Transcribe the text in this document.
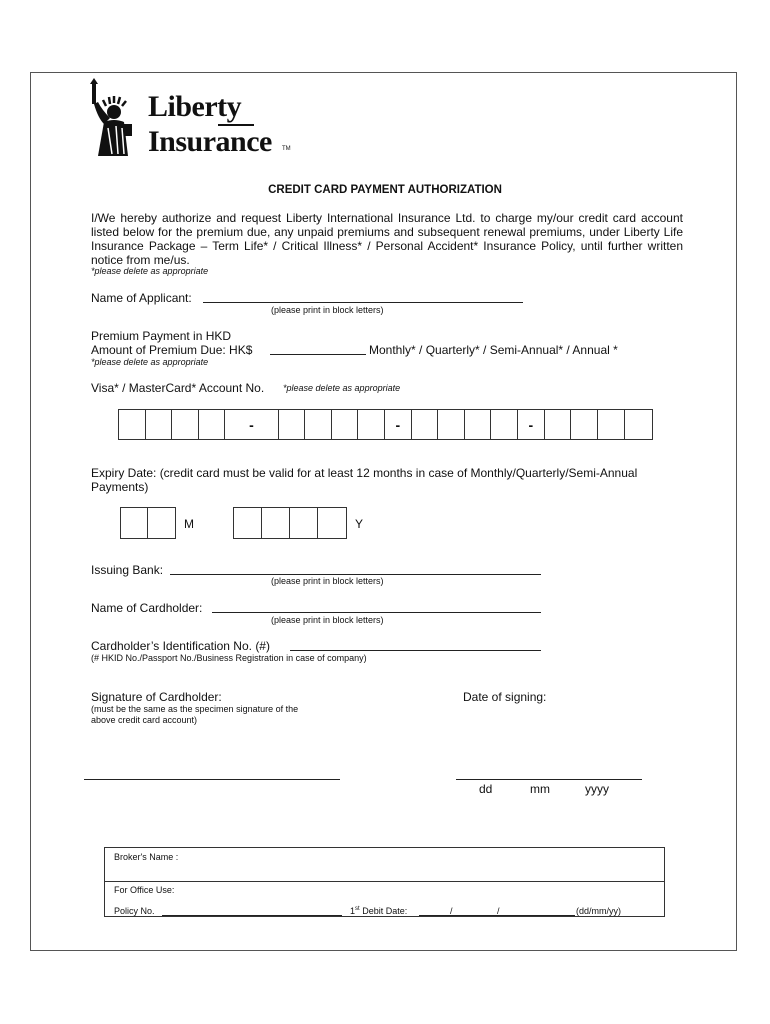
Liberty
Insurance TM
CREDIT CARD PAYMENT AUTHORIZATION
I/We hereby authorize and request Liberty International Insurance Ltd. to charge my/our credit card account listed below for the premium due, any unpaid premiums and subsequent renewal premiums, under Liberty Life Insurance Package – Term Life* / Critical Illness* / Personal Accident* Insurance Policy, until further written notice from me/us.
*please delete as appropriate
Name of Applicant:
(please print in block letters)
Premium Payment in HKD
Amount of Premium Due: HK$	Monthly* / Quarterly* / Semi-Annual* / Annual *
*please delete as appropriate
Visa* / MasterCard* Account No. *please delete as appropriate
-	-	-
Expiry Date: (credit card must be valid for at least 12 months in case of Monthly/Quarterly/Semi-Annual Payments)
M	Y
Issuing Bank:
(please print in block letters)
Name of Cardholder:
(please print in block letters)
Cardholder’s Identification No. (#)
(# HKID No./Passport No./Business Registration in case of company)
Signature of Cardholder:
(must be the same as the specimen signature of the
above credit card account)
Date of signing:
dd	mm	yyyy
Broker's Name :
For Office Use:
Policy No.	1st Debit Date:	/	/	(dd/mm/yy)
